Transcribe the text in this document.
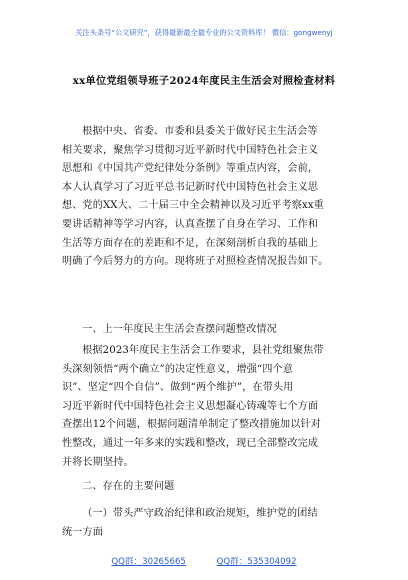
关注头条号“公文研究”，获得最新最全最专业的公文资料库！ 微信：gongwenyj
xx单位党组领导班子2024年度民主生活会对照检查材料
根据中央、省委、市委和县委关于做好民主生活会等
相关要求，聚焦学习贯彻习近平新时代中国特色社会主义
思想和《中国共产党纪律处分条例》等重点内容，会前，
本人认真学习了习近平总书记新时代中国特色社会主义思
想、党的XX大、二十届三中全会精神以及习近平考察xx重
要讲话精神等学习内容，认真查摆了自身在学习、工作和
生活等方面存在的差距和不足，在深刻剖析自我的基础上
明确了今后努力的方向。现将班子对照检查情况报告如下。
一、上一年度民主生活会查摆问题整改情况
根据2023年度民主生活会工作要求，县社党组聚焦带
头深刻领悟“两个确立”的决定性意义，增强“四个意
识”、坚定“四个自信”、做到“两个维护”，在带头用
习近平新时代中国特色社会主义思想凝心铸魂等七个方面
查摆出12个问题，根据问题清单制定了整改措施加以针对
性整改，通过一年多来的实践和整改，现已全部整改完成
并将长期坚持。
二、存在的主要问题
（一）带头严守政治纪律和政治规矩，维护党的团结
统一方面
QQ群：30265665	QQ群：535304092
